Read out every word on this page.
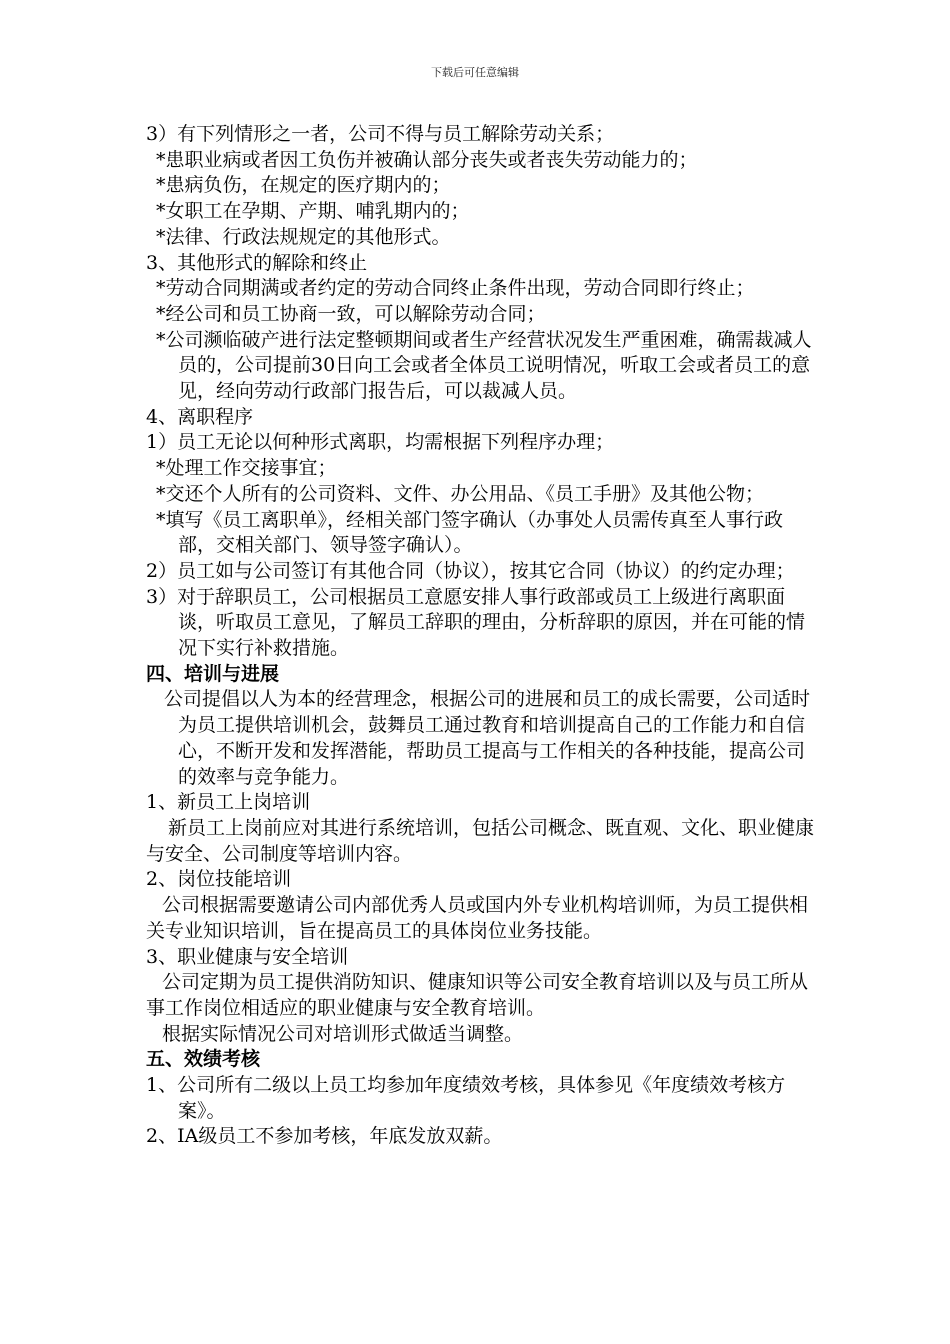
下载后可任意编辑

3）有下列情形之一者，公司不得与员工解除劳动关系；

*患职业病或者因工负伤并被确认部分丧失或者丧失劳动能力的；

*患病负伤，在规定的医疗期内的；

*女职工在孕期、产期、哺乳期内的；

*法律、行政法规规定的其他形式。

3、其他形式的解除和终止

*劳动合同期满或者约定的劳动合同终止条件出现，劳动合同即行终止；

*经公司和员工协商一致，可以解除劳动合同；

*公司濒临破产进行法定整顿期间或者生产经营状况发生严重困难，确需裁减人员的，公司提前30日向工会或者全体员工说明情况，听取工会或者员工的意见，经向劳动行政部门报告后，可以裁减人员。

4、离职程序

1）员工无论以何种形式离职，均需根据下列程序办理；

*处理工作交接事宜；

*交还个人所有的公司资料、文件、办公用品、《员工手册》及其他公物；

*填写《员工离职单》，经相关部门签字确认（办事处人员需传真至人事行政部，交相关部门、领导签字确认）。

2）员工如与公司签订有其他合同（协议），按其它合同（协议）的约定办理；

3）对于辞职员工，公司根据员工意愿安排人事行政部或员工上级进行离职面谈，听取员工意见，了解员工辞职的理由，分析辞职的原因，并在可能的情况下实行补救措施。

四、培训与进展

公司提倡以人为本的经营理念，根据公司的进展和员工的成长需要，公司适时为员工提供培训机会，鼓舞员工通过教育和培训提高自己的工作能力和自信心，不断开发和发挥潜能，帮助员工提高与工作相关的各种技能，提高公司的效率与竞争能力。

1、新员工上岗培训

新员工上岗前应对其进行系统培训，包括公司概念、既直观、文化、职业健康与安全、公司制度等培训内容。

2、岗位技能培训

公司根据需要邀请公司内部优秀人员或国内外专业机构培训师，为员工提供相关专业知识培训，旨在提高员工的具体岗位业务技能。

3、职业健康与安全培训

公司定期为员工提供消防知识、健康知识等公司安全教育培训以及与员工所从事工作岗位相适应的职业健康与安全教育培训。

根据实际情况公司对培训形式做适当调整。

五、效绩考核

1、公司所有二级以上员工均参加年度绩效考核，具体参见《年度绩效考核方案》。

2、IA级员工不参加考核，年底发放双薪。
